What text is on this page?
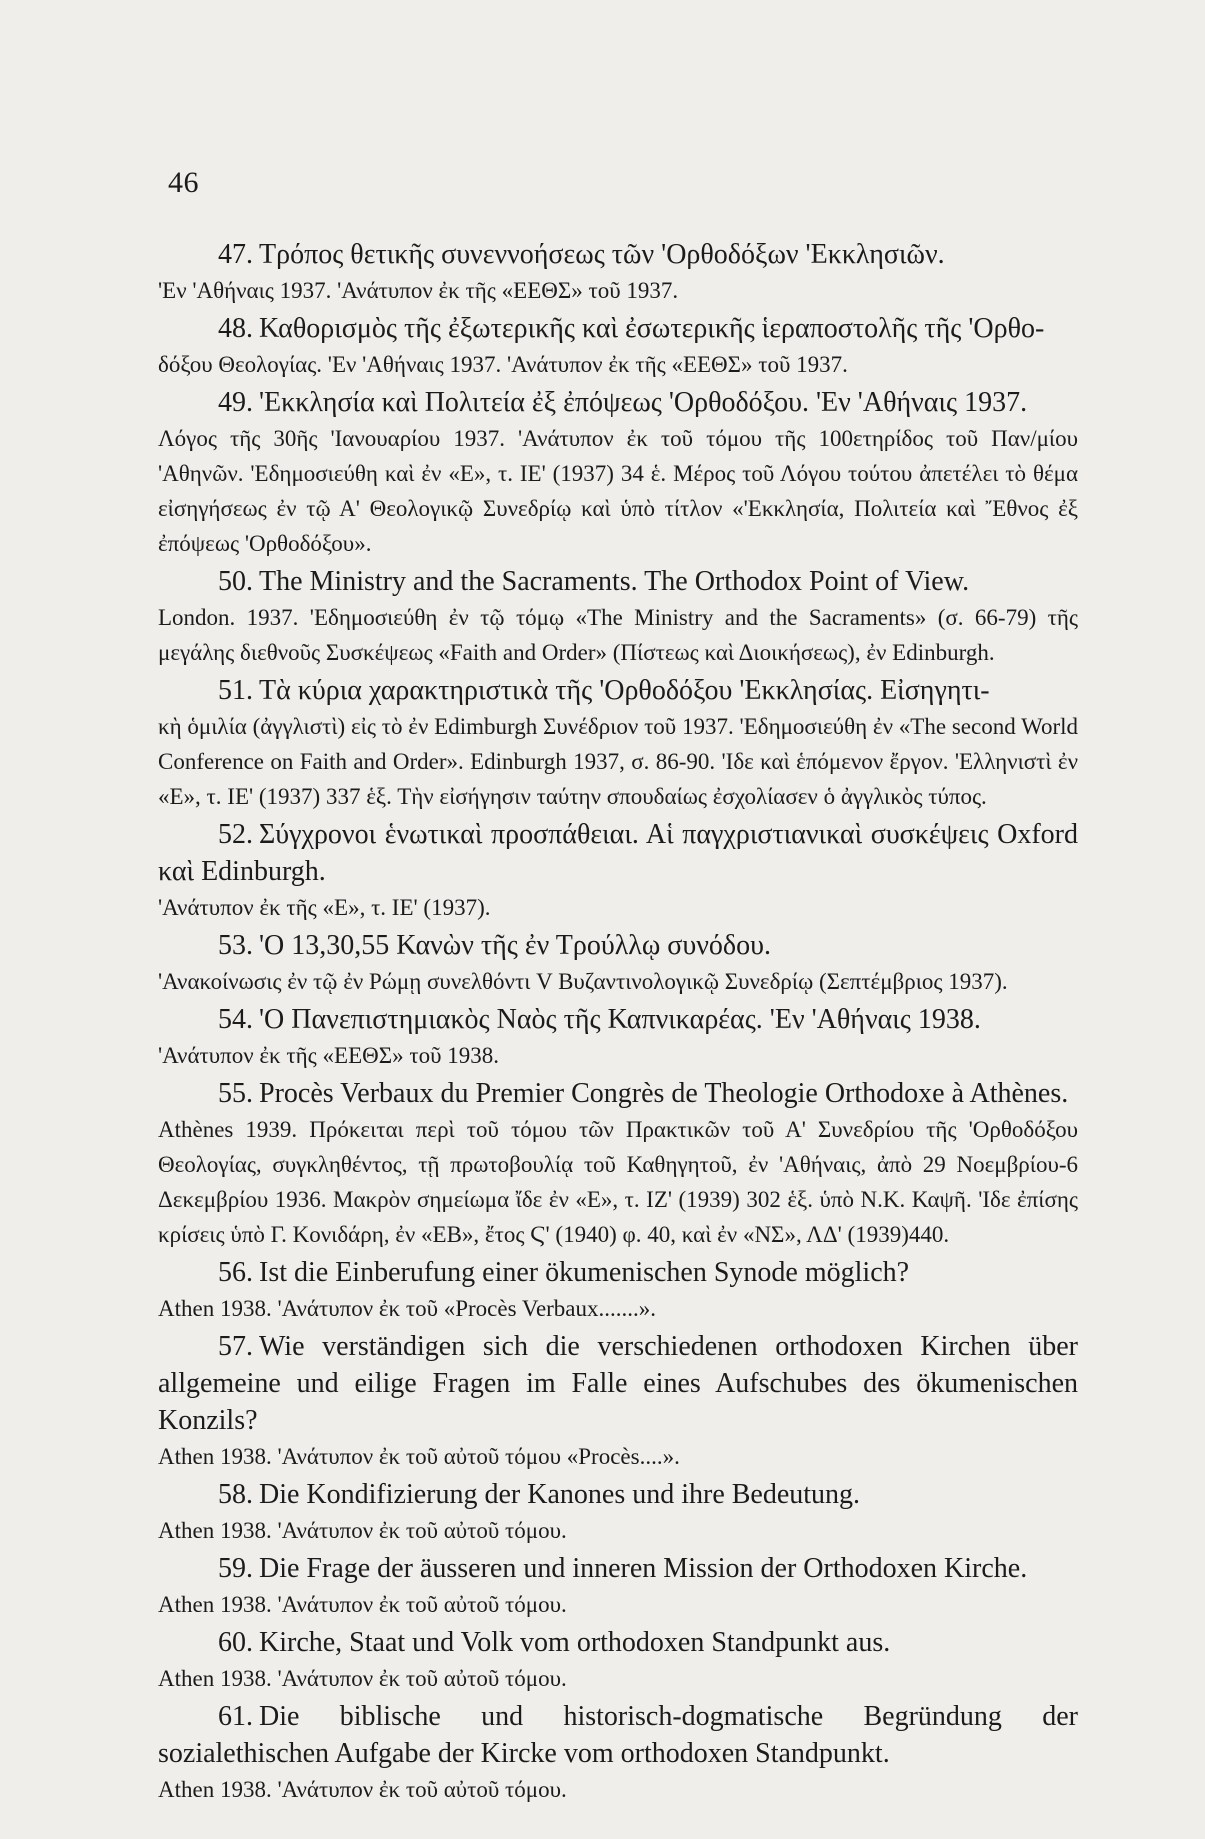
46
47. Τρόπος θετικῆς συνεννοήσεως τῶν 'Ορθοδόξων 'Εκκλησιῶν.
'Εν 'Αθήναις 1937. 'Ανάτυπον ἐκ τῆς «ΕΕΘΣ» τοῦ 1937.
48. Καθορισμὸς τῆς ἐξωτερικῆς καὶ ἐσωτερικῆς ἱεραποστολῆς τῆς 'Ορθο-
δόξου Θεολογίας. 'Εν 'Αθήναις 1937. 'Ανάτυπον ἐκ τῆς «ΕΕΘΣ» τοῦ 1937.
49. 'Εκκλησία καὶ Πολιτεία ἐξ ἐπόψεως 'Ορθοδόξου. 'Εν 'Αθήναις 1937.
Λόγος τῆς 30ῆς 'Ιανουαρίου 1937. 'Ανάτυπον ἐκ τοῦ τόμου τῆς 100ετηρίδος τοῦ Παν/μίου 'Αθηνῶν. 'Εδημοσιεύθη καὶ ἐν «Ε», τ. ΙΕ' (1937) 34 ἑ. Μέρος τοῦ Λόγου τούτου ἀπετέλει τὸ θέμα εἰσηγήσεως ἐν τῷ Α' Θεολογικῷ Συνεδρίῳ καὶ ὑπὸ τίτλον «'Εκκλησία, Πολιτεία καὶ Ἔθνος ἐξ ἐπόψεως 'Ορθοδόξου».
50. The Ministry and the Sacraments. The Orthodox Point of View.
London. 1937. 'Εδημοσιεύθη ἐν τῷ τόμῳ «The Ministry and the Sacraments» (σ. 66-79) τῆς μεγάλης διεθνοῦς Συσκέψεως «Faith and Order» (Πίστεως καὶ Διοικήσεως), ἐν Edinburgh.
51. Τὰ κύρια χαρακτηριστικὰ τῆς 'Ορθοδόξου 'Εκκλησίας. Εἰσηγητι-
κὴ ὁμιλία (ἀγγλιστὶ) εἰς τὸ ἐν Edimburgh Συνέδριον τοῦ 1937. 'Εδημοσιεύθη ἐν «The second World Conference on Faith and Order». Edinburgh 1937, σ. 86-90. 'Ιδε καὶ ἑπόμενον ἔργον. 'Ελληνιστὶ ἐν «Ε», τ. ΙΕ' (1937) 337 ἑξ. Τὴν εἰσήγησιν ταύτην σπουδαίως ἐσχολίασεν ὁ ἀγγλικὸς τύπος.
52. Σύγχρονοι ἑνωτικαὶ προσπάθειαι. Αἱ παγχριστιανικαὶ συσκέψεις Oxford καὶ Edinburgh.
'Ανάτυπον ἐκ τῆς «Ε», τ. ΙΕ' (1937).
53. 'Ο 13,30,55 Κανὼν τῆς ἐν Τρούλλῳ συνόδου.
'Ανακοίνωσις ἐν τῷ ἐν Ρώμῃ συνελθόντι V Βυζαντινολογικῷ Συνεδρίῳ (Σεπτέμβριος 1937).
54. 'Ο Πανεπιστημιακὸς Ναὸς τῆς Καπνικαρέας. 'Εν 'Αθήναις 1938.
'Ανάτυπον ἐκ τῆς «ΕΕΘΣ» τοῦ 1938.
55. Procès Verbaux du Premier Congrès de Theologie Orthodoxe à Athènes.
Athènes 1939. Πρόκειται περὶ τοῦ τόμου τῶν Πρακτικῶν τοῦ Α' Συνεδρίου τῆς 'Ορθοδόξου Θεολογίας, συγκληθέντος, τῇ πρωτοβουλίᾳ τοῦ Καθηγητοῦ, ἐν 'Αθήναις, ἀπὸ 29 Νοεμβρίου-6 Δεκεμβρίου 1936. Μακρὸν σημείωμα ἴδε ἐν «Ε», τ. ΙΖ' (1939) 302 ἑξ. ὑπὸ Ν.Κ. Καψῆ. 'Ιδε ἐπίσης κρίσεις ὑπὸ Γ. Κονιδάρη, ἐν «ΕΒ», ἔτος Ϛ' (1940) φ. 40, καὶ ἐν «ΝΣ», ΛΔ' (1939)440.
56. Ist die Einberufung einer ökumenischen Synode möglich?
Athen 1938. 'Ανάτυπον ἐκ τοῦ «Procès Verbaux.......».
57. Wie verständigen sich die verschiedenen orthodoxen Kirchen über allgemeine und eilige Fragen im Falle eines Aufschubes des ökumenischen Konzils?
Athen 1938. 'Ανάτυπον ἐκ τοῦ αὐτοῦ τόμου «Procès....».
58. Die Kondifizierung der Kanones und ihre Bedeutung.
Athen 1938. 'Ανάτυπον ἐκ τοῦ αὐτοῦ τόμου.
59. Die Frage der äusseren und inneren Mission der Orthodoxen Kirche.
Athen 1938. 'Ανάτυπον ἐκ τοῦ αὐτοῦ τόμου.
60. Kirche, Staat und Volk vom orthodoxen Standpunkt aus.
Athen 1938. 'Ανάτυπον ἐκ τοῦ αὐτοῦ τόμου.
61. Die biblische und historisch-dogmatische Begründung der sozialethischen Aufgabe der Kircke vom orthodoxen Standpunkt.
Athen 1938. 'Ανάτυπον ἐκ τοῦ αὐτοῦ τόμου.
